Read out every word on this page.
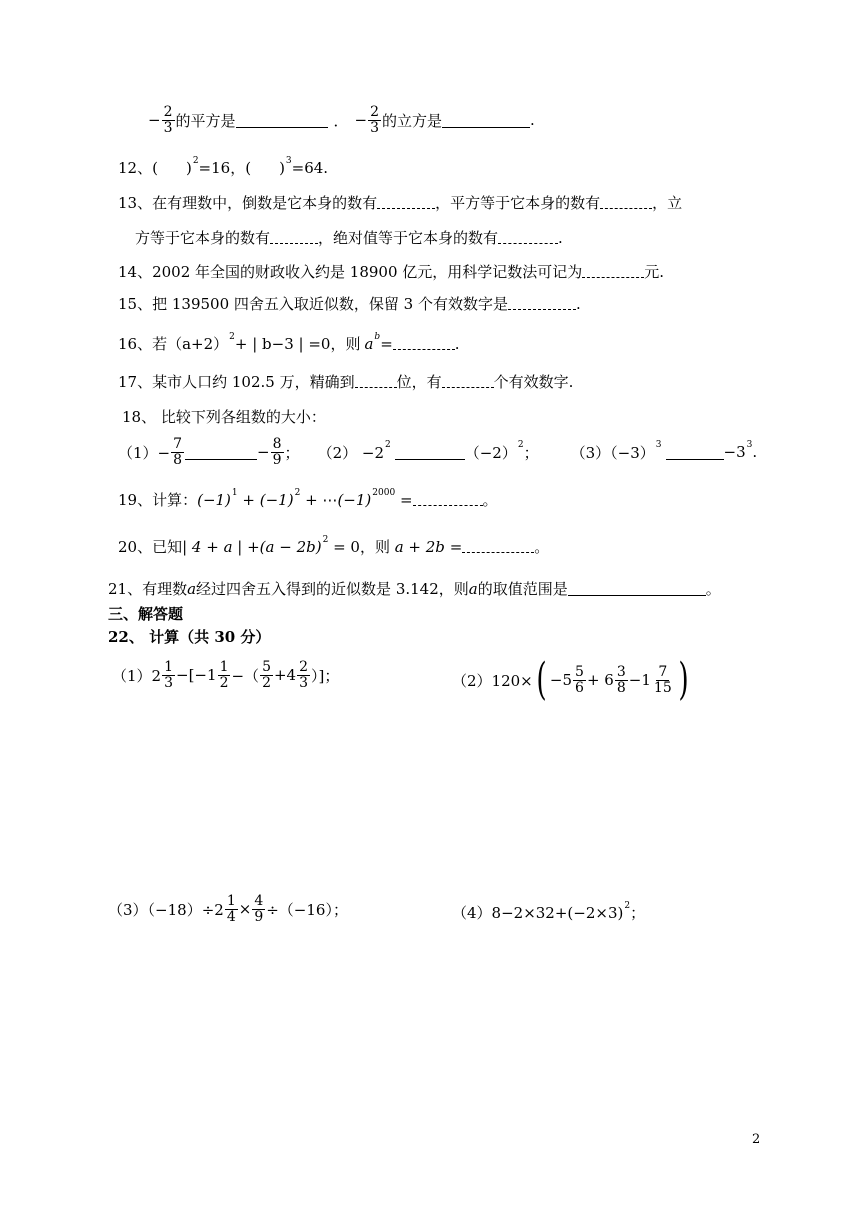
− $\frac{2}{3}$ 的平方是	． − $\frac{2}{3}$ 的立方是	.
12、( ) 2 =16，( ) 3 =64.
13、在有理数中，倒数是它本身的数有	，平方等于它本身的数有	，立
方等于它本身的数有	，绝对值等于它本身的数有	.
14、2002 年全国的财政收入约是 18900 亿元，用科学记数法可记为	元.
15、把 139500 四舍五入取近似数，保留 3 个有效数字是	.
16、若（a+2） 2 + | b−3 | =0，则 a b =	.
17、某市人口约 102.5 万，精确到	位，有	个有效数字.
18、 比较下列各组数的大小：
$(1)- \frac{7}{8}$	− $\frac{8}{9}$ ； （2） −2 2	（−2） 2 ； （3）（−3） 3	−3 3 .
19、计算： (−1) 1 + (−1) 2 + ⋯ (−1) 2000 =	。
20、已知 | 4 + a | +(a − 2b) 2 = 0，则 a + 2b =	。
21、有理数 a 经过四舍五入得到的近似数是 3.142，则 a 的取值范围是	。
三、解答题
22、 计算（共 30 分）
$(1)2 \frac{1}{3} -[-1 \frac{1}{2}$ −（ $\frac{5}{2} +4 \frac{2}{3}$ ）]；	（2）120× ( $-5 \frac{5}{6} + 6 \frac{3}{8} -1 \frac{7}{15}$ )
$(3)(-18)\div 2 \frac{1}{4} \times \frac{4}{9} \div(-16)$；	（4）8−2×32+(−2×3) 2 ；
2
